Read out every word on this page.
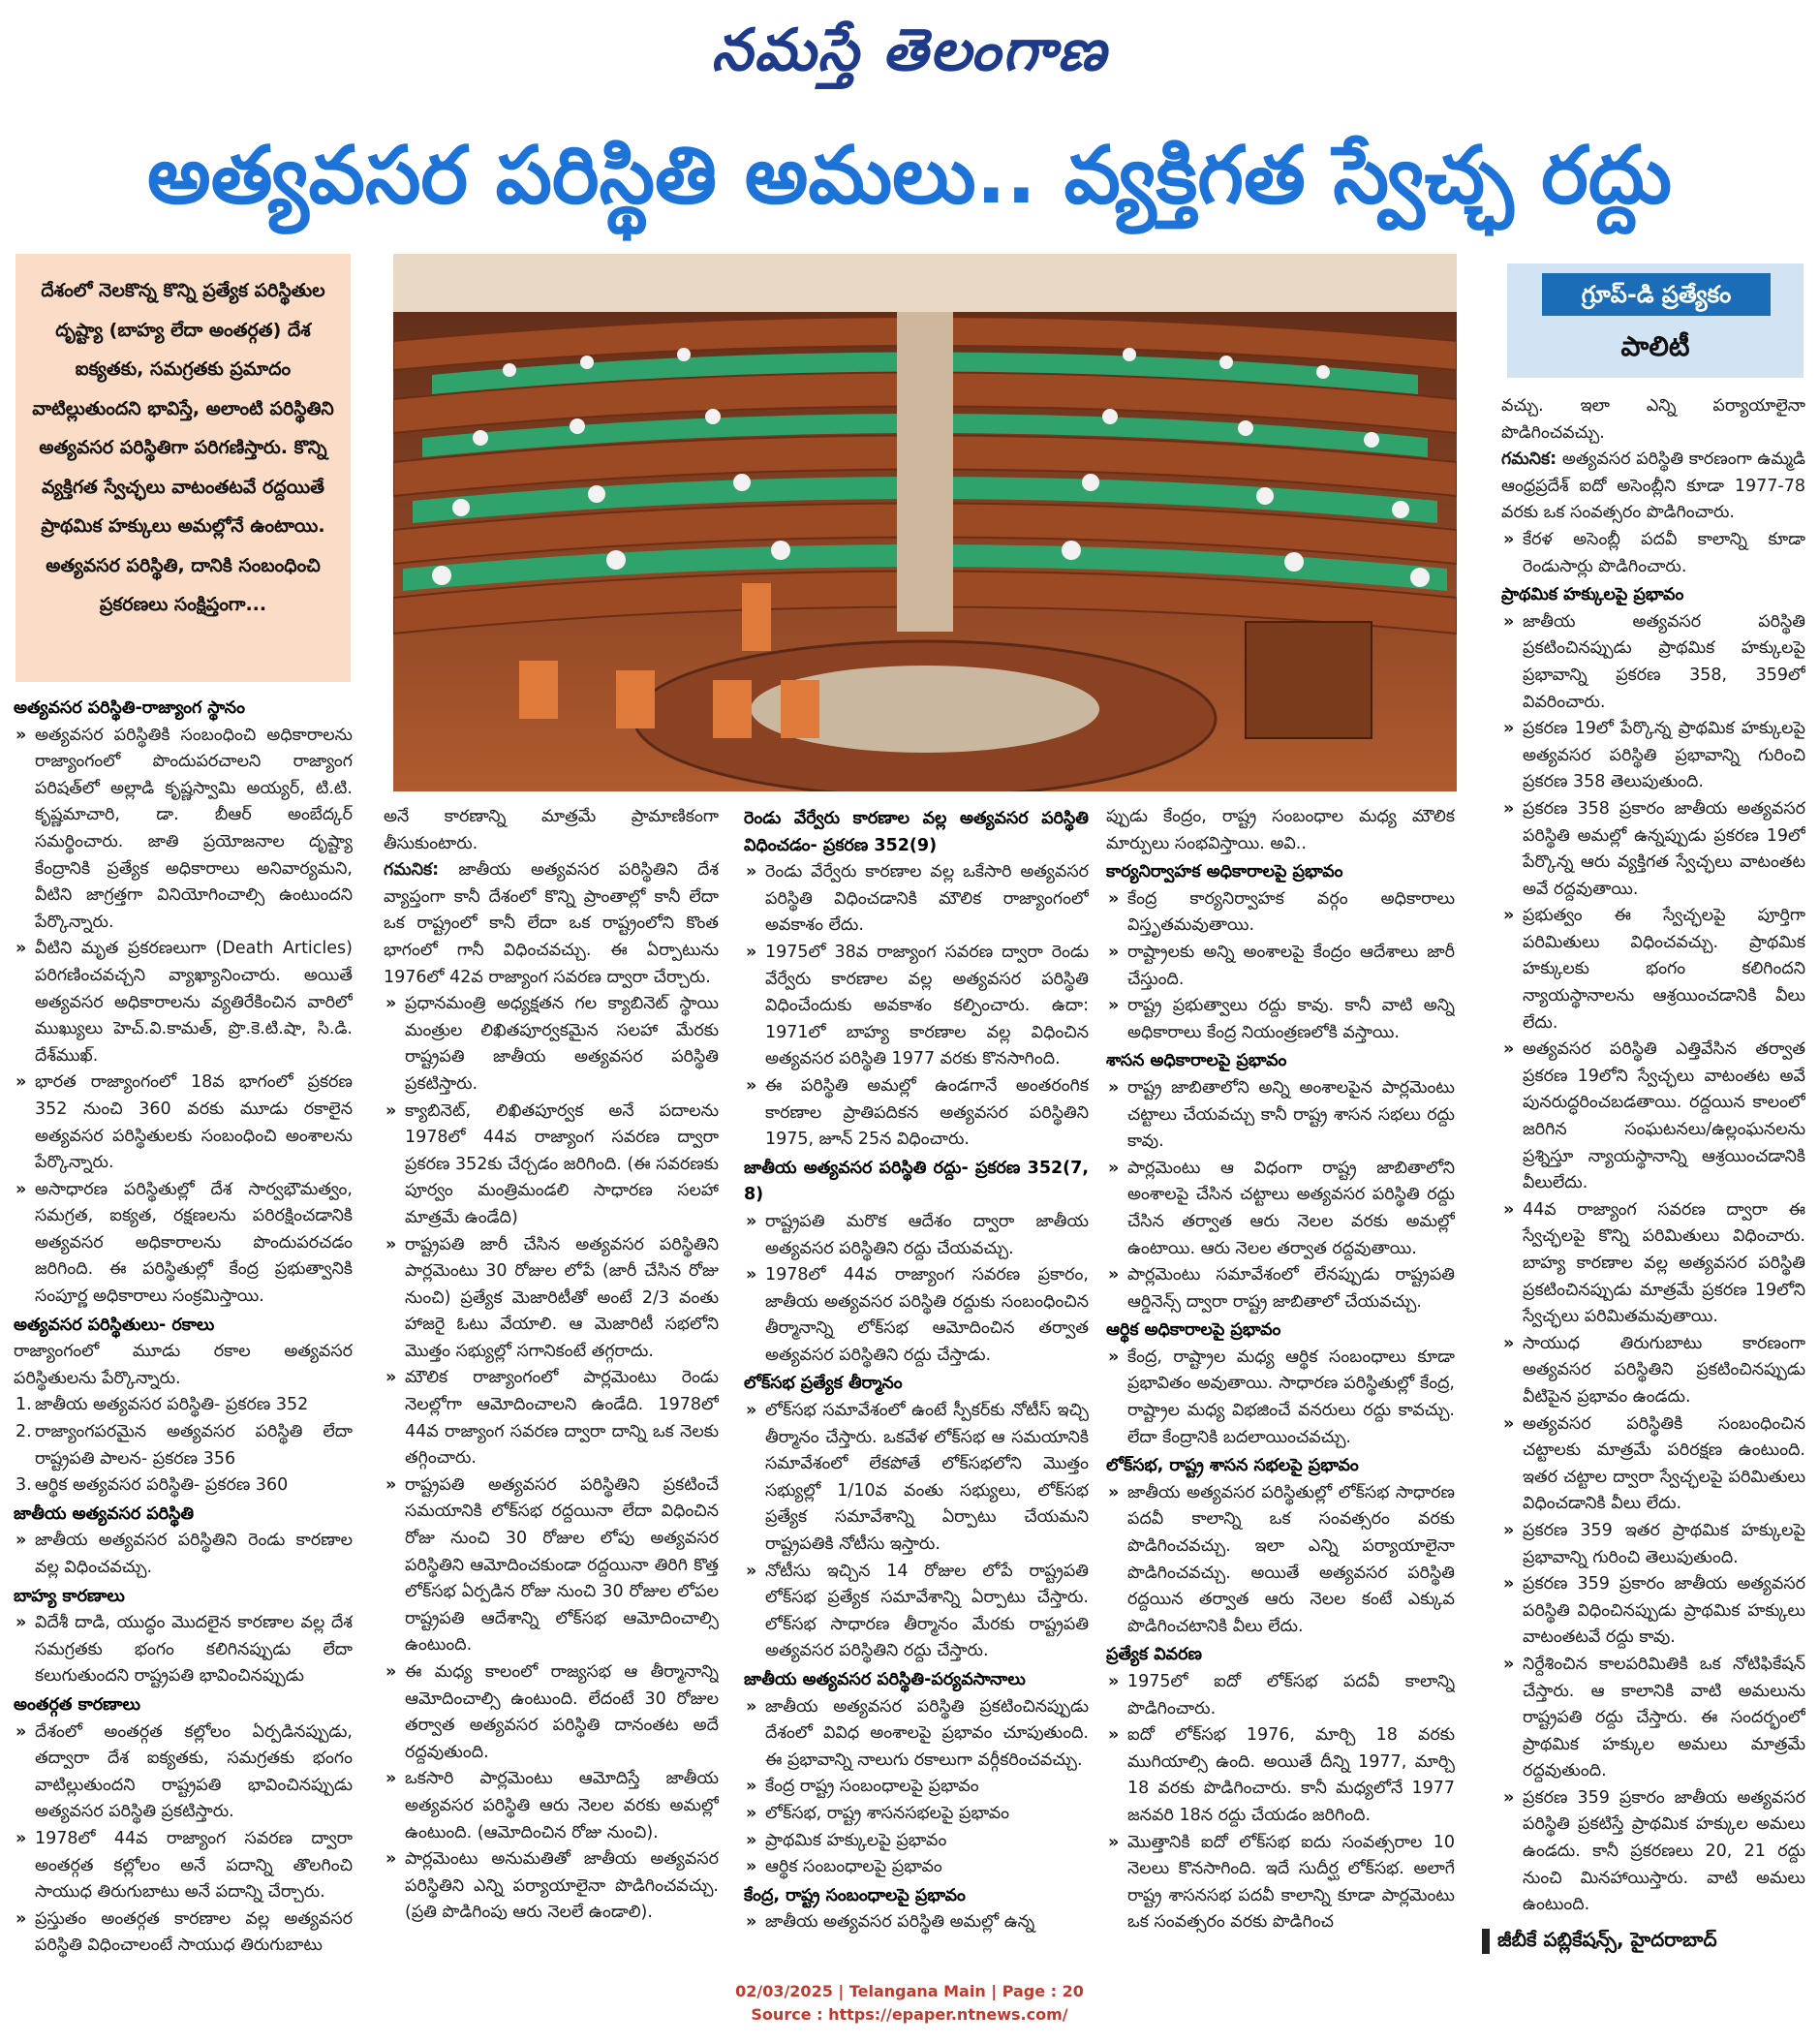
నమస్తే తెలంగాణ
అత్యవసర పరిస్థితి అమలు.. వ్యక్తిగత స్వేచ్ఛ రద్దు
దేశంలో నెలకొన్న కొన్ని ప్రత్యేక పరిస్థితుల దృష్ట్యా (బాహ్య లేదా అంతర్గత) దేశ ఐక్యతకు, సమగ్రతకు ప్రమాదం వాటిల్లుతుందని భావిస్తే, అలాంటి పరిస్థితిని అత్యవసర పరిస్థితిగా పరిగణిస్తారు. కొన్ని వ్యక్తిగత స్వేచ్ఛలు వాటంతటవే రద్దయితే ప్రాథమిక హక్కులు అమల్లోనే ఉంటాయి. అత్యవసర పరిస్థితి, దానికి సంబంధించి ప్రకరణలు సంక్షిప్తంగా...
గ్రూప్-డి ప్రత్యేకం
పాలిటీ
అత్యవసర పరిస్థితి-రాజ్యాంగ స్థానం
» అత్యవసర పరిస్థితికి సంబంధించి అధికారాలను రాజ్యాంగంలో పొందుపరచాలని రాజ్యాంగ పరిషత్‌లో అల్లాడి కృష్ణస్వామి అయ్యర్, టి.టి. కృష్ణమాచారి, డా. బీఆర్ అంబేద్కర్ సమర్థించారు. జాతి ప్రయోజనాల దృష్ట్యా కేంద్రానికి ప్రత్యేక అధికారాలు అనివార్యమని, వీటిని జాగ్రత్తగా వినియోగించాల్సి ఉంటుందని పేర్కొన్నారు.
» వీటిని మృత ప్రకరణలుగా (Death Articles) పరిగణించవచ్చని వ్యాఖ్యానించారు. అయితే అత్యవసర అధికారాలను వ్యతిరేకించిన వారిలో ముఖ్యులు హెచ్.వి.కామత్, ప్రొ.కె.టి.షా, సి.డి. దేశ్‌ముఖ్.
» భారత రాజ్యాంగంలో 18వ భాగంలో ప్రకరణ 352 నుంచి 360 వరకు మూడు రకాలైన అత్యవసర పరిస్థితులకు సంబంధించి అంశాలను పేర్కొన్నారు.
» అసాధారణ పరిస్థితుల్లో దేశ సార్వభౌమత్వం, సమగ్రత, ఐక్యత, రక్షణలను పరిరక్షించడానికి అత్యవసర అధికారాలను పొందుపరచడం జరిగింది. ఈ పరిస్థితుల్లో కేంద్ర ప్రభుత్వానికి సంపూర్ణ అధికారాలు సంక్రమిస్తాయి.
అత్యవసర పరిస్థితులు- రకాలు
రాజ్యాంగంలో మూడు రకాల అత్యవసర పరిస్థితులను పేర్కొన్నారు.
1. జాతీయ అత్యవసర పరిస్థితి- ప్రకరణ 352
2. రాజ్యాంగపరమైన అత్యవసర పరిస్థితి లేదా రాష్ట్రపతి పాలన- ప్రకరణ 356
3. ఆర్థిక అత్యవసర పరిస్థితి- ప్రకరణ 360
జాతీయ అత్యవసర పరిస్థితి
» జాతీయ అత్యవసర పరిస్థితిని రెండు కారణాల వల్ల విధించవచ్చు.
బాహ్య కారణాలు
» విదేశీ దాడి, యుద్ధం మొదలైన కారణాల వల్ల దేశ సమగ్రతకు భంగం కలిగినప్పుడు లేదా కలుగుతుందని రాష్ట్రపతి భావించినప్పుడు
అంతర్గత కారణాలు
» దేశంలో అంతర్గత కల్లోలం ఏర్పడినప్పుడు, తద్వారా దేశ ఐక్యతకు, సమగ్రతకు భంగం వాటిల్లుతుందని రాష్ట్రపతి భావించినప్పుడు అత్యవసర పరిస్థితి ప్రకటిస్తారు.
» 1978లో 44వ రాజ్యాంగ సవరణ ద్వారా అంతర్గత కల్లోలం అనే పదాన్ని తొలగించి సాయుధ తిరుగుబాటు అనే పదాన్ని చేర్చారు.
» ప్రస్తుతం అంతర్గత కారణాల వల్ల అత్యవసర పరిస్థితి విధించాలంటే సాయుధ తిరుగుబాటు
అనే కారణాన్ని మాత్రమే ప్రామాణికంగా తీసుకుంటారు.
గమనిక: జాతీయ అత్యవసర పరిస్థితిని దేశ వ్యాప్తంగా కానీ దేశంలో కొన్ని ప్రాంతాల్లో కానీ లేదా ఒక రాష్ట్రంలో కానీ లేదా ఒక రాష్ట్రంలోని కొంత భాగంలో గానీ విధించవచ్చు. ఈ ఏర్పాటును 1976లో 42వ రాజ్యాంగ సవరణ ద్వారా చేర్చారు.
» ప్రధానమంత్రి అధ్యక్షతన గల క్యాబినెట్ స్థాయి మంత్రుల లిఖితపూర్వకమైన సలహా మేరకు రాష్ట్రపతి జాతీయ అత్యవసర పరిస్థితి ప్రకటిస్తారు.
» క్యాబినెట్, లిఖితపూర్వక అనే పదాలను 1978లో 44వ రాజ్యాంగ సవరణ ద్వారా ప్రకరణ 352కు చేర్చడం జరిగింది. (ఈ సవరణకు పూర్వం మంత్రిమండలి సాధారణ సలహా మాత్రమే ఉండేది)
» రాష్ట్రపతి జారీ చేసిన అత్యవసర పరిస్థితిని పార్లమెంటు 30 రోజుల లోపే (జారీ చేసిన రోజు నుంచి) ప్రత్యేక మెజారిటీతో అంటే 2/3 వంతు హాజరై ఓటు వేయాలి. ఆ మెజారిటీ సభలోని మొత్తం సభ్యుల్లో సగానికంటే తగ్గరాదు.
» మౌలిక రాజ్యాంగంలో పార్లమెంటు రెండు నెలల్లోగా ఆమోదించాలని ఉండేది. 1978లో 44వ రాజ్యాంగ సవరణ ద్వారా దాన్ని ఒక నెలకు తగ్గించారు.
» రాష్ట్రపతి అత్యవసర పరిస్థితిని ప్రకటించే సమయానికి లోక్‌సభ రద్దయినా లేదా విధించిన రోజు నుంచి 30 రోజుల లోపు అత్యవసర పరిస్థితిని ఆమోదించకుండా రద్దయినా తిరిగి కొత్త లోక్‌సభ ఏర్పడిన రోజు నుంచి 30 రోజుల లోపల రాష్ట్రపతి ఆదేశాన్ని లోక్‌సభ ఆమోదించాల్సి ఉంటుంది.
» ఈ మధ్య కాలంలో రాజ్యసభ ఆ తీర్మానాన్ని ఆమోదించాల్సి ఉంటుంది. లేదంటే 30 రోజుల తర్వాత అత్యవసర పరిస్థితి దానంతట అదే రద్దవుతుంది.
» ఒకసారి పార్లమెంటు ఆమోదిస్తే జాతీయ అత్యవసర పరిస్థితి ఆరు నెలల వరకు అమల్లో ఉంటుంది. (ఆమోదించిన రోజు నుంచి).
» పార్లమెంటు అనుమతితో జాతీయ అత్యవసర పరిస్థితిని ఎన్ని పర్యాయాలైనా పొడిగించవచ్చు. (ప్రతి పొడిగింపు ఆరు నెలలే ఉండాలి).
రెండు వేర్వేరు కారణాల వల్ల అత్యవసర పరిస్థితి విధించడం- ప్రకరణ 352(9)
» రెండు వేర్వేరు కారణాల వల్ల ఒకేసారి అత్యవసర పరిస్థితి విధించడానికి మౌలిక రాజ్యాంగంలో అవకాశం లేదు.
» 1975లో 38వ రాజ్యాంగ సవరణ ద్వారా రెండు వేర్వేరు కారణాల వల్ల అత్యవసర పరిస్థితి విధించేందుకు అవకాశం కల్పించారు. ఉదా: 1971లో బాహ్య కారణాల వల్ల విధించిన అత్యవసర పరిస్థితి 1977 వరకు కొనసాగింది.
» ఈ పరిస్థితి అమల్లో ఉండగానే అంతరంగిక కారణాల ప్రాతిపదికన అత్యవసర పరిస్థితిని 1975, జూన్ 25న విధించారు.
జాతీయ అత్యవసర పరిస్థితి రద్దు- ప్రకరణ 352(7, 8)
» రాష్ట్రపతి మరొక ఆదేశం ద్వారా జాతీయ అత్యవసర పరిస్థితిని రద్దు చేయవచ్చు.
» 1978లో 44వ రాజ్యాంగ సవరణ ప్రకారం, జాతీయ అత్యవసర పరిస్థితి రద్దుకు సంబంధించిన తీర్మానాన్ని లోక్‌సభ ఆమోదించిన తర్వాత అత్యవసర పరిస్థితిని రద్దు చేస్తాడు.
లోక్‌సభ ప్రత్యేక తీర్మానం
» లోక్‌సభ సమావేశంలో ఉంటే స్పీకర్‌కు నోటీస్ ఇచ్చి తీర్మానం చేస్తారు. ఒకవేళ లోక్‌సభ ఆ సమయానికి సమావేశంలో లేకపోతే లోక్‌సభలోని మొత్తం సభ్యుల్లో 1/10వ వంతు సభ్యులు, లోక్‌సభ ప్రత్యేక సమావేశాన్ని ఏర్పాటు చేయమని రాష్ట్రపతికి నోటీసు ఇస్తారు.
» నోటీసు ఇచ్చిన 14 రోజుల లోపే రాష్ట్రపతి లోక్‌సభ ప్రత్యేక సమావేశాన్ని ఏర్పాటు చేస్తారు. లోక్‌సభ సాధారణ తీర్మానం మేరకు రాష్ట్రపతి అత్యవసర పరిస్థితిని రద్దు చేస్తారు.
జాతీయ అత్యవసర పరిస్థితి-పర్యవసానాలు
» జాతీయ అత్యవసర పరిస్థితి ప్రకటించినప్పుడు దేశంలో వివిధ అంశాలపై ప్రభావం చూపుతుంది. ఈ ప్రభావాన్ని నాలుగు రకాలుగా వర్గీకరించవచ్చు.
» కేంద్ర రాష్ట్ర సంబంధాలపై ప్రభావం
» లోక్‌సభ, రాష్ట్ర శాసనసభలపై ప్రభావం
» ప్రాథమిక హక్కులపై ప్రభావం
» ఆర్థిక సంబంధాలపై ప్రభావం
కేంద్ర, రాష్ట్ర సంబంధాలపై ప్రభావం
» జాతీయ అత్యవసర పరిస్థితి అమల్లో ఉన్న
ప్పుడు కేంద్రం, రాష్ట్ర సంబంధాల మధ్య మౌలిక మార్పులు సంభవిస్తాయి. అవి..
కార్యనిర్వాహక అధికారాలపై ప్రభావం
» కేంద్ర కార్యనిర్వాహక వర్గం అధికారాలు విస్తృతమవుతాయి.
» రాష్ట్రాలకు అన్ని అంశాలపై కేంద్రం ఆదేశాలు జారీ చేస్తుంది.
» రాష్ట్ర ప్రభుత్వాలు రద్దు కావు. కానీ వాటి అన్ని అధికారాలు కేంద్ర నియంత్రణలోకి వస్తాయి.
శాసన అధికారాలపై ప్రభావం
» రాష్ట్ర జాబితాలోని అన్ని అంశాలపైన పార్లమెంటు చట్టాలు చేయవచ్చు కానీ రాష్ట్ర శాసన సభలు రద్దు కావు.
» పార్లమెంటు ఆ విధంగా రాష్ట్ర జాబితాలోని అంశాలపై చేసిన చట్టాలు అత్యవసర పరిస్థితి రద్దు చేసిన తర్వాత ఆరు నెలల వరకు అమల్లో ఉంటాయి. ఆరు నెలల తర్వాత రద్దవుతాయి.
» పార్లమెంటు సమావేశంలో లేనప్పుడు రాష్ట్రపతి ఆర్డినెన్స్ ద్వారా రాష్ట్ర జాబితాలో చేయవచ్చు.
ఆర్థిక అధికారాలపై ప్రభావం
» కేంద్ర, రాష్ట్రాల మధ్య ఆర్థిక సంబంధాలు కూడా ప్రభావితం అవుతాయి. సాధారణ పరిస్థితుల్లో కేంద్ర, రాష్ట్రాల మధ్య విభజించే వనరులు రద్దు కావచ్చు. లేదా కేంద్రానికి బదలాయించవచ్చు.
లోక్‌సభ, రాష్ట్ర శాసన సభలపై ప్రభావం
» జాతీయ అత్యవసర పరిస్థితుల్లో లోక్‌సభ సాధారణ పదవీ కాలాన్ని ఒక సంవత్సరం వరకు పొడిగించవచ్చు. ఇలా ఎన్ని పర్యాయాలైనా పొడిగించవచ్చు. అయితే అత్యవసర పరిస్థితి రద్దయిన తర్వాత ఆరు నెలల కంటే ఎక్కువ పొడిగించటానికి వీలు లేదు.
ప్రత్యేక వివరణ
» 1975లో ఐదో లోక్‌సభ పదవీ కాలాన్ని పొడిగించారు.
» ఐదో లోక్‌సభ 1976, మార్చి 18 వరకు ముగియాల్సి ఉంది. అయితే దీన్ని 1977, మార్చి 18 వరకు పొడిగించారు. కానీ మధ్యలోనే 1977 జనవరి 18న రద్దు చేయడం జరిగింది.
» మొత్తానికి ఐదో లోక్‌సభ ఐదు సంవత్సరాల 10 నెలలు కొనసాగింది. ఇదే సుదీర్ఘ లోక్‌సభ. అలాగే రాష్ట్ర శాసనసభ పదవీ కాలాన్ని కూడా పార్లమెంటు ఒక సంవత్సరం వరకు పొడిగించ
వచ్చు. ఇలా ఎన్ని పర్యాయాలైనా పొడిగించవచ్చు.
గమనిక: అత్యవసర పరిస్థితి కారణంగా ఉమ్మడి ఆంధ్రప్రదేశ్ ఐదో అసెంబ్లీని కూడా 1977-78 వరకు ఒక సంవత్సరం పొడిగించారు.
» కేరళ అసెంబ్లీ పదవీ కాలాన్ని కూడా రెండుసార్లు పొడిగించారు.
ప్రాథమిక హక్కులపై ప్రభావం
» జాతీయ అత్యవసర పరిస్థితి ప్రకటించినప్పుడు ప్రాథమిక హక్కులపై ప్రభావాన్ని ప్రకరణ 358, 359లో వివరించారు.
» ప్రకరణ 19లో పేర్కొన్న ప్రాథమిక హక్కులపై అత్యవసర పరిస్థితి ప్రభావాన్ని గురించి ప్రకరణ 358 తెలుపుతుంది.
» ప్రకరణ 358 ప్రకారం జాతీయ అత్యవసర పరిస్థితి అమల్లో ఉన్నప్పుడు ప్రకరణ 19లో పేర్కొన్న ఆరు వ్యక్తిగత స్వేచ్ఛలు వాటంతట అవే రద్దవుతాయి.
» ప్రభుత్వం ఈ స్వేచ్ఛలపై పూర్తిగా పరిమితులు విధించవచ్చు. ప్రాథమిక హక్కులకు భంగం కలిగిందని న్యాయస్థానాలను ఆశ్రయించడానికి వీలు లేదు.
» అత్యవసర పరిస్థితి ఎత్తివేసిన తర్వాత ప్రకరణ 19లోని స్వేచ్ఛలు వాటంతట అవే పునరుద్ధరించబడతాయి. రద్దయిన కాలంలో జరిగిన సంఘటనలు/ఉల్లంఘనలను ప్రశ్నిస్తూ న్యాయస్థానాన్ని ఆశ్రయించడానికి వీలులేదు.
» 44వ రాజ్యాంగ సవరణ ద్వారా ఈ స్వేచ్ఛలపై కొన్ని పరిమితులు విధించారు. బాహ్య కారణాల వల్ల అత్యవసర పరిస్థితి ప్రకటించినప్పుడు మాత్రమే ప్రకరణ 19లోని స్వేచ్ఛలు పరిమితమవుతాయి.
» సాయుధ తిరుగుబాటు కారణంగా అత్యవసర పరిస్థితిని ప్రకటించినప్పుడు వీటిపైన ప్రభావం ఉండదు.
» అత్యవసర పరిస్థితికి సంబంధించిన చట్టాలకు మాత్రమే పరిరక్షణ ఉంటుంది. ఇతర చట్టాల ద్వారా స్వేచ్ఛలపై పరిమితులు విధించడానికి వీలు లేదు.
» ప్రకరణ 359 ఇతర ప్రాథమిక హక్కులపై ప్రభావాన్ని గురించి తెలుపుతుంది.
» ప్రకరణ 359 ప్రకారం జాతీయ అత్యవసర పరిస్థితి విధించినప్పుడు ప్రాథమిక హక్కులు వాటంతటవే రద్దు కావు.
» నిర్దేశించిన కాలపరిమితికి ఒక నోటిఫికేషన్ చేస్తారు. ఆ కాలానికి వాటి అమలును రాష్ట్రపతి రద్దు చేస్తారు. ఈ సందర్భంలో ప్రాథమిక హక్కుల అమలు మాత్రమే రద్దవుతుంది.
» ప్రకరణ 359 ప్రకారం జాతీయ అత్యవసర పరిస్థితి ప్రకటిస్తే ప్రాథమిక హక్కుల అమలు ఉండదు. కానీ ప్రకరణలు 20, 21 రద్దు నుంచి మినహాయిస్తారు. వాటి అమలు ఉంటుంది.
జీబీకే పబ్లికేషన్స్, హైదరాబాద్
02/03/2025 | Telangana Main | Page : 20
Source : https://epaper.ntnews.com/
